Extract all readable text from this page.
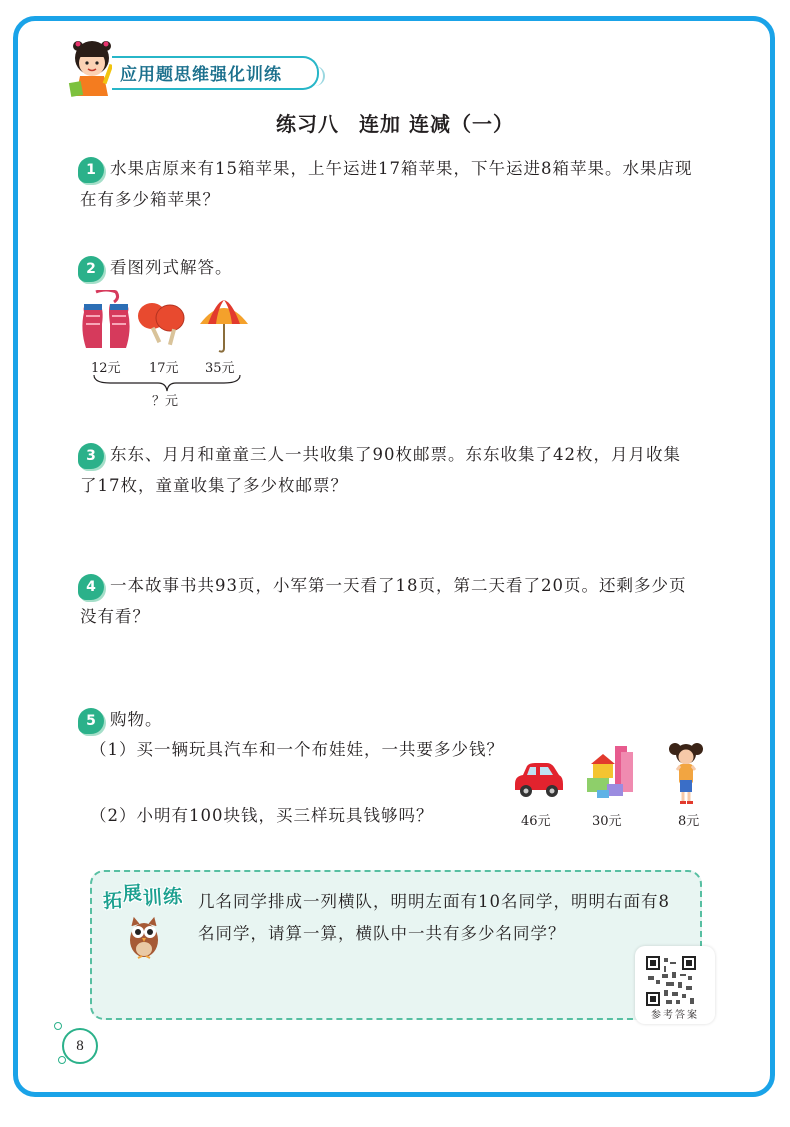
应用题思维强化训练
练习八 连加 连减（一）
1 水果店原来有15箱苹果，上午运进17箱苹果，下午运进8箱苹果。水果店现
在有多少箱苹果？
2 看图列式解答。
12元 17元 35元
？元
3 东东、月月和童童三人一共收集了90枚邮票。东东收集了42枚，月月收集
了17枚，童童收集了多少枚邮票？
4 一本故事书共93页，小军第一天看了18页，第二天看了20页。还剩多少页
没有看？
5 购物。
（1）买一辆玩具汽车和一个布娃娃，一共要多少钱？
（2）小明有100块钱，买三样玩具钱够吗？	46元	30元	8元
拓展训练 几名同学排成一列横队，明明左面有10名同学，明明右面有8
名同学，请算一算，横队中一共有多少名同学？
参考答案
8
